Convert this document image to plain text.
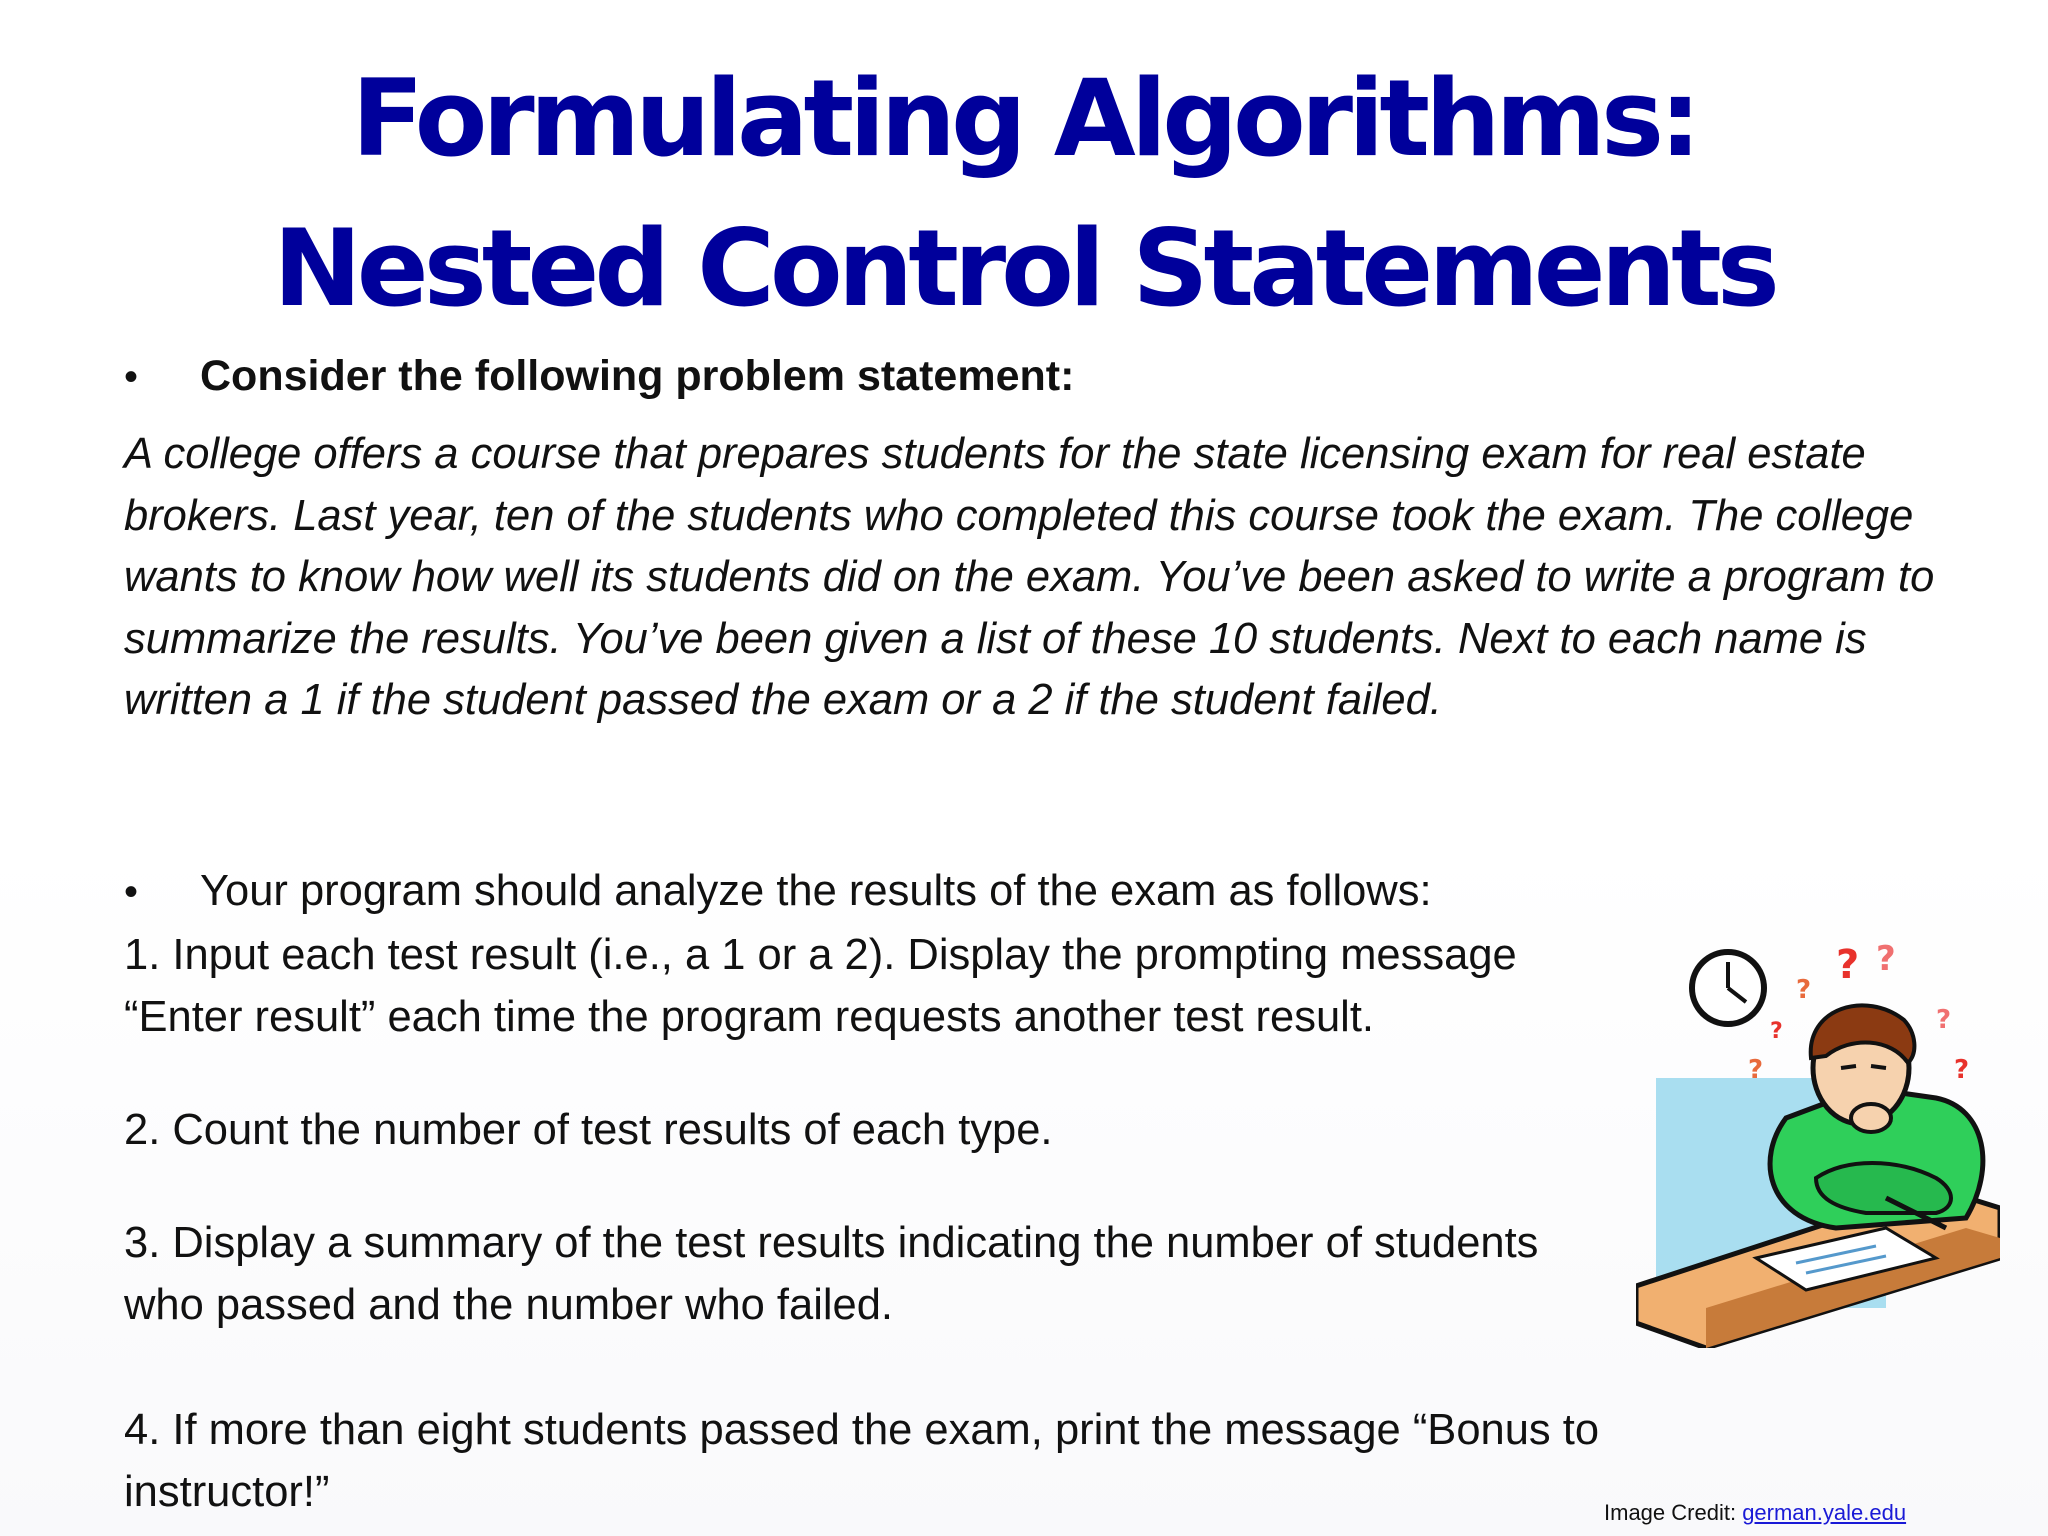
Formulating Algorithms:
Nested Control Statements
•	Consider the following problem statement:

A college offers a course that prepares students for the state licensing exam for real estate brokers. Last year, ten of the students who completed this course took the exam. The college wants to know how well its students did on the exam. You’ve been asked to write a program to summarize the results. You’ve been given a list of these 10 students. Next to each name is written a 1 if the student passed the exam or a 2 if the student failed.

•	Your program should analyze the results of the exam as follows:

1. Input each test result (i.e., a 1 or a 2). Display the prompting message “Enter result” each time the program requests another test result.

2. Count the number of test results of each type.

3. Display a summary of the test results indicating the number of students who passed and the number who failed.

4. If more than eight students passed the exam, print the message “Bonus to instructor!”

? ?
?
?
?
?
?
Image Credit: german.yale.edu
